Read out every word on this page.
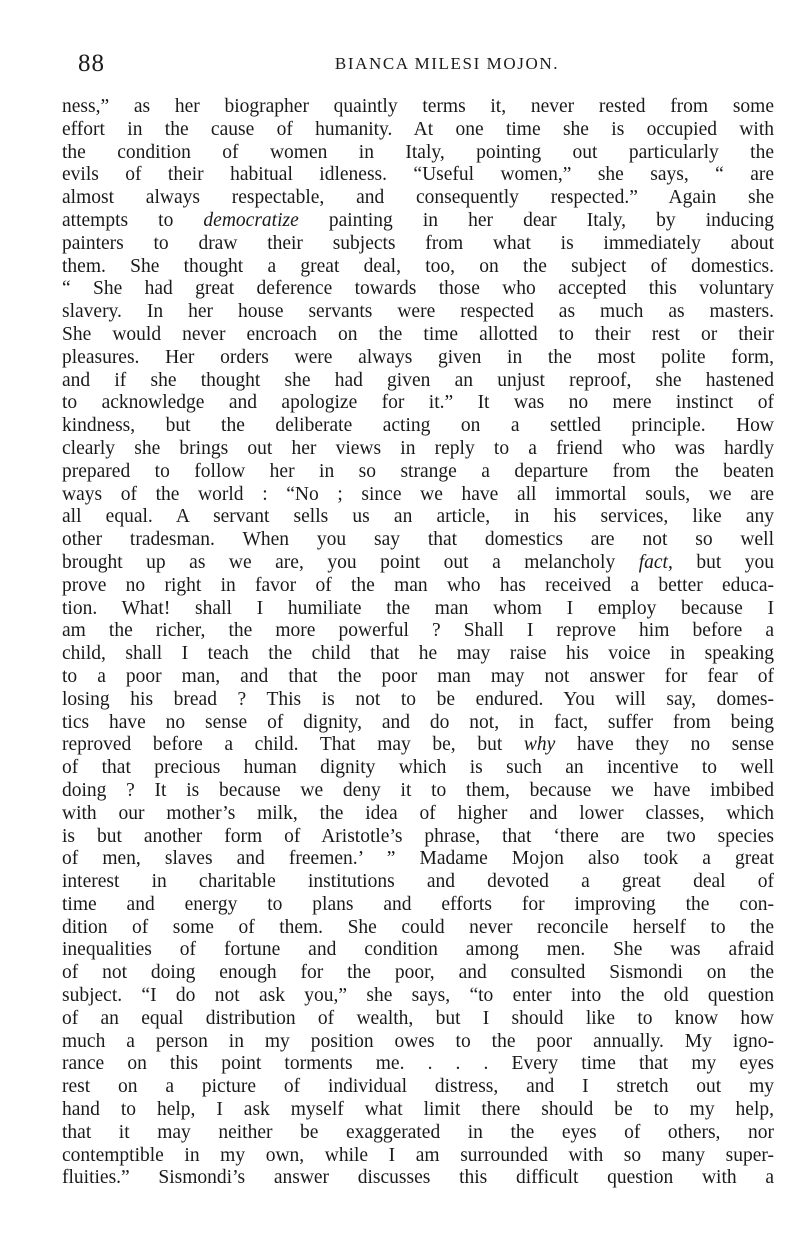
88	BIANCA MILESI MOJON.
ness,” as her biographer quaintly terms it, never rested from some
effort in the cause of humanity. At one time she is occupied with
the condition of women in Italy, pointing out particularly the
evils of their habitual idleness. “Useful women,” she says, “ are
almost always respectable, and consequently respected.” Again she
attempts to democratize painting in her dear Italy, by inducing
painters to draw their subjects from what is immediately about
them. She thought a great deal, too, on the subject of domestics.
“ She had great deference towards those who accepted this voluntary
slavery. In her house servants were respected as much as masters.
She would never encroach on the time allotted to their rest or their
pleasures. Her orders were always given in the most polite form,
and if she thought she had given an unjust reproof, she hastened
to acknowledge and apologize for it.” It was no mere instinct of
kindness, but the deliberate acting on a settled principle. How
clearly she brings out her views in reply to a friend who was hardly
prepared to follow her in so strange a departure from the beaten
ways of the world : “No ; since we have all immortal souls, we are
all equal. A servant sells us an article, in his services, like any
other tradesman. When you say that domestics are not so well
brought up as we are, you point out a melancholy fact, but you
prove no right in favor of the man who has received a better educa-
tion. What! shall I humiliate the man whom I employ because I
am the richer, the more powerful ? Shall I reprove him before a
child, shall I teach the child that he may raise his voice in speaking
to a poor man, and that the poor man may not answer for fear of
losing his bread ? This is not to be endured. You will say, domes-
tics have no sense of dignity, and do not, in fact, suffer from being
reproved before a child. That may be, but why have they no sense
of that precious human dignity which is such an incentive to well
doing ? It is because we deny it to them, because we have imbibed
with our mother’s milk, the idea of higher and lower classes, which
is but another form of Aristotle’s phrase, that ‘there are two species
of men, slaves and freemen.’ ” Madame Mojon also took a great
interest in charitable institutions and devoted a great deal of
time and energy to plans and efforts for improving the con-
dition of some of them. She could never reconcile herself to the
inequalities of fortune and condition among men. She was afraid
of not doing enough for the poor, and consulted Sismondi on the
subject. “I do not ask you,” she says, “to enter into the old question
of an equal distribution of wealth, but I should like to know how
much a person in my position owes to the poor annually. My igno-
rance on this point torments me. . . . Every time that my eyes
rest on a picture of individual distress, and I stretch out my
hand to help, I ask myself what limit there should be to my help,
that it may neither be exaggerated in the eyes of others, nor
contemptible in my own, while I am surrounded with so many super-
fluities.” Sismondi’s answer discusses this difficult question with a
